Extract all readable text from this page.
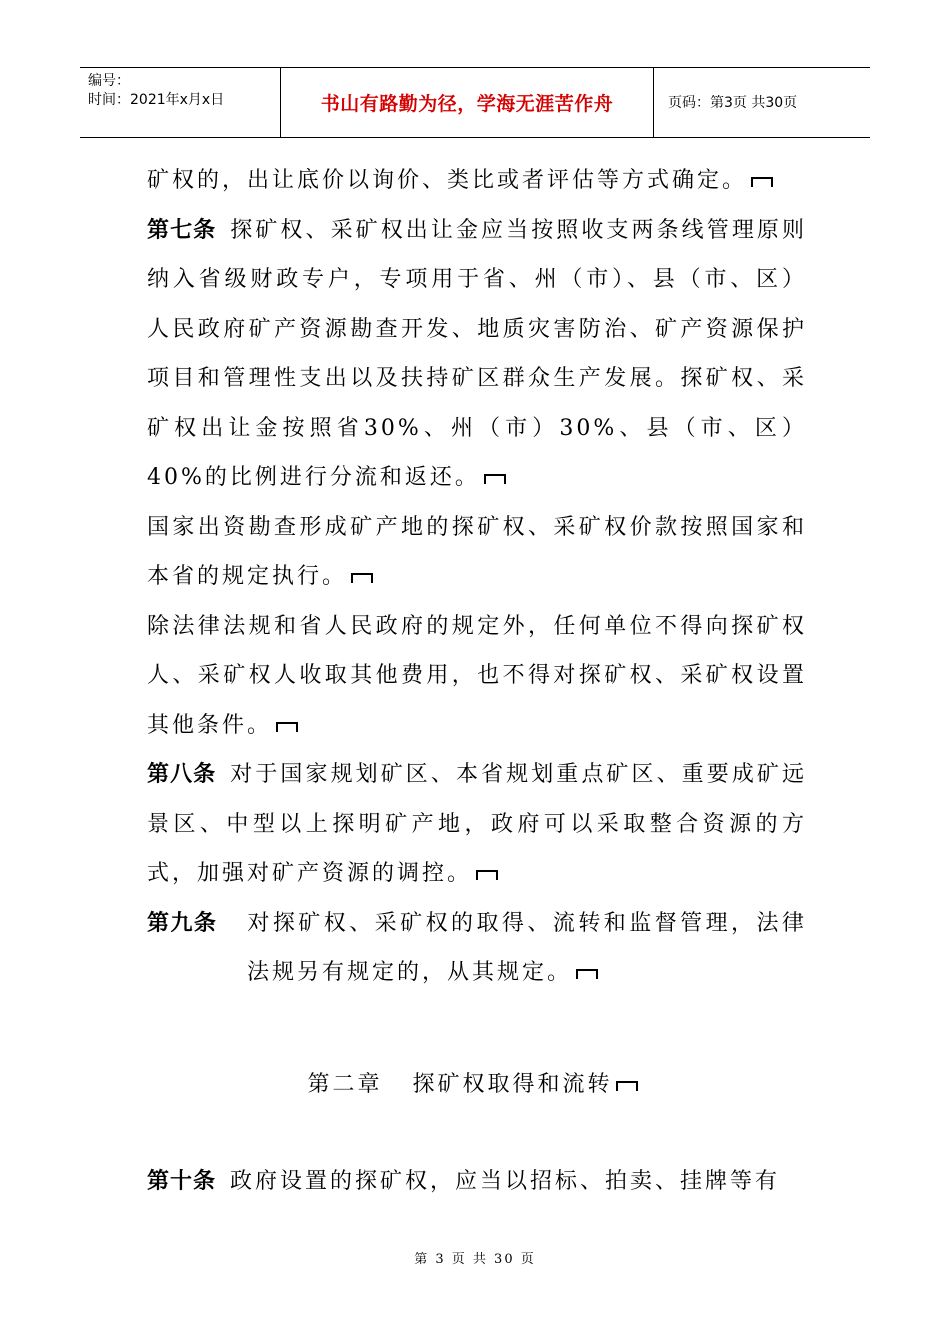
编号：
时间：2021年x月x日	书山有路勤为径，学海无涯苦作舟	页码：第3页 共30页

矿权的，出让底价以询价、类比或者评估等方式确定。

第七条 探矿权、采矿权出让金应当按照收支两条线管理原则纳入省级财政专户，专项用于省、州（市）、县（市、区）人民政府矿产资源勘查开发、地质灾害防治、矿产资源保护项目和管理性支出以及扶持矿区群众生产发展。探矿权、采矿权出让金按照省30%、州（市）30%、县（市、区）40%的比例进行分流和返还。

国家出资勘查形成矿产地的探矿权、采矿权价款按照国家和本省的规定执行。

除法律法规和省人民政府的规定外，任何单位不得向探矿权人、采矿权人收取其他费用，也不得对探矿权、采矿权设置其他条件。

第八条 对于国家规划矿区、本省规划重点矿区、重要成矿远景区、中型以上探明矿产地，政府可以采取整合资源的方式，加强对矿产资源的调控。

第九条 对探矿权、采矿权的取得、流转和监督管理，法律法规另有规定的，从其规定。

第二章   探矿权取得和流转

第十条 政府设置的探矿权，应当以招标、拍卖、挂牌等有

第 3 页 共 30 页
